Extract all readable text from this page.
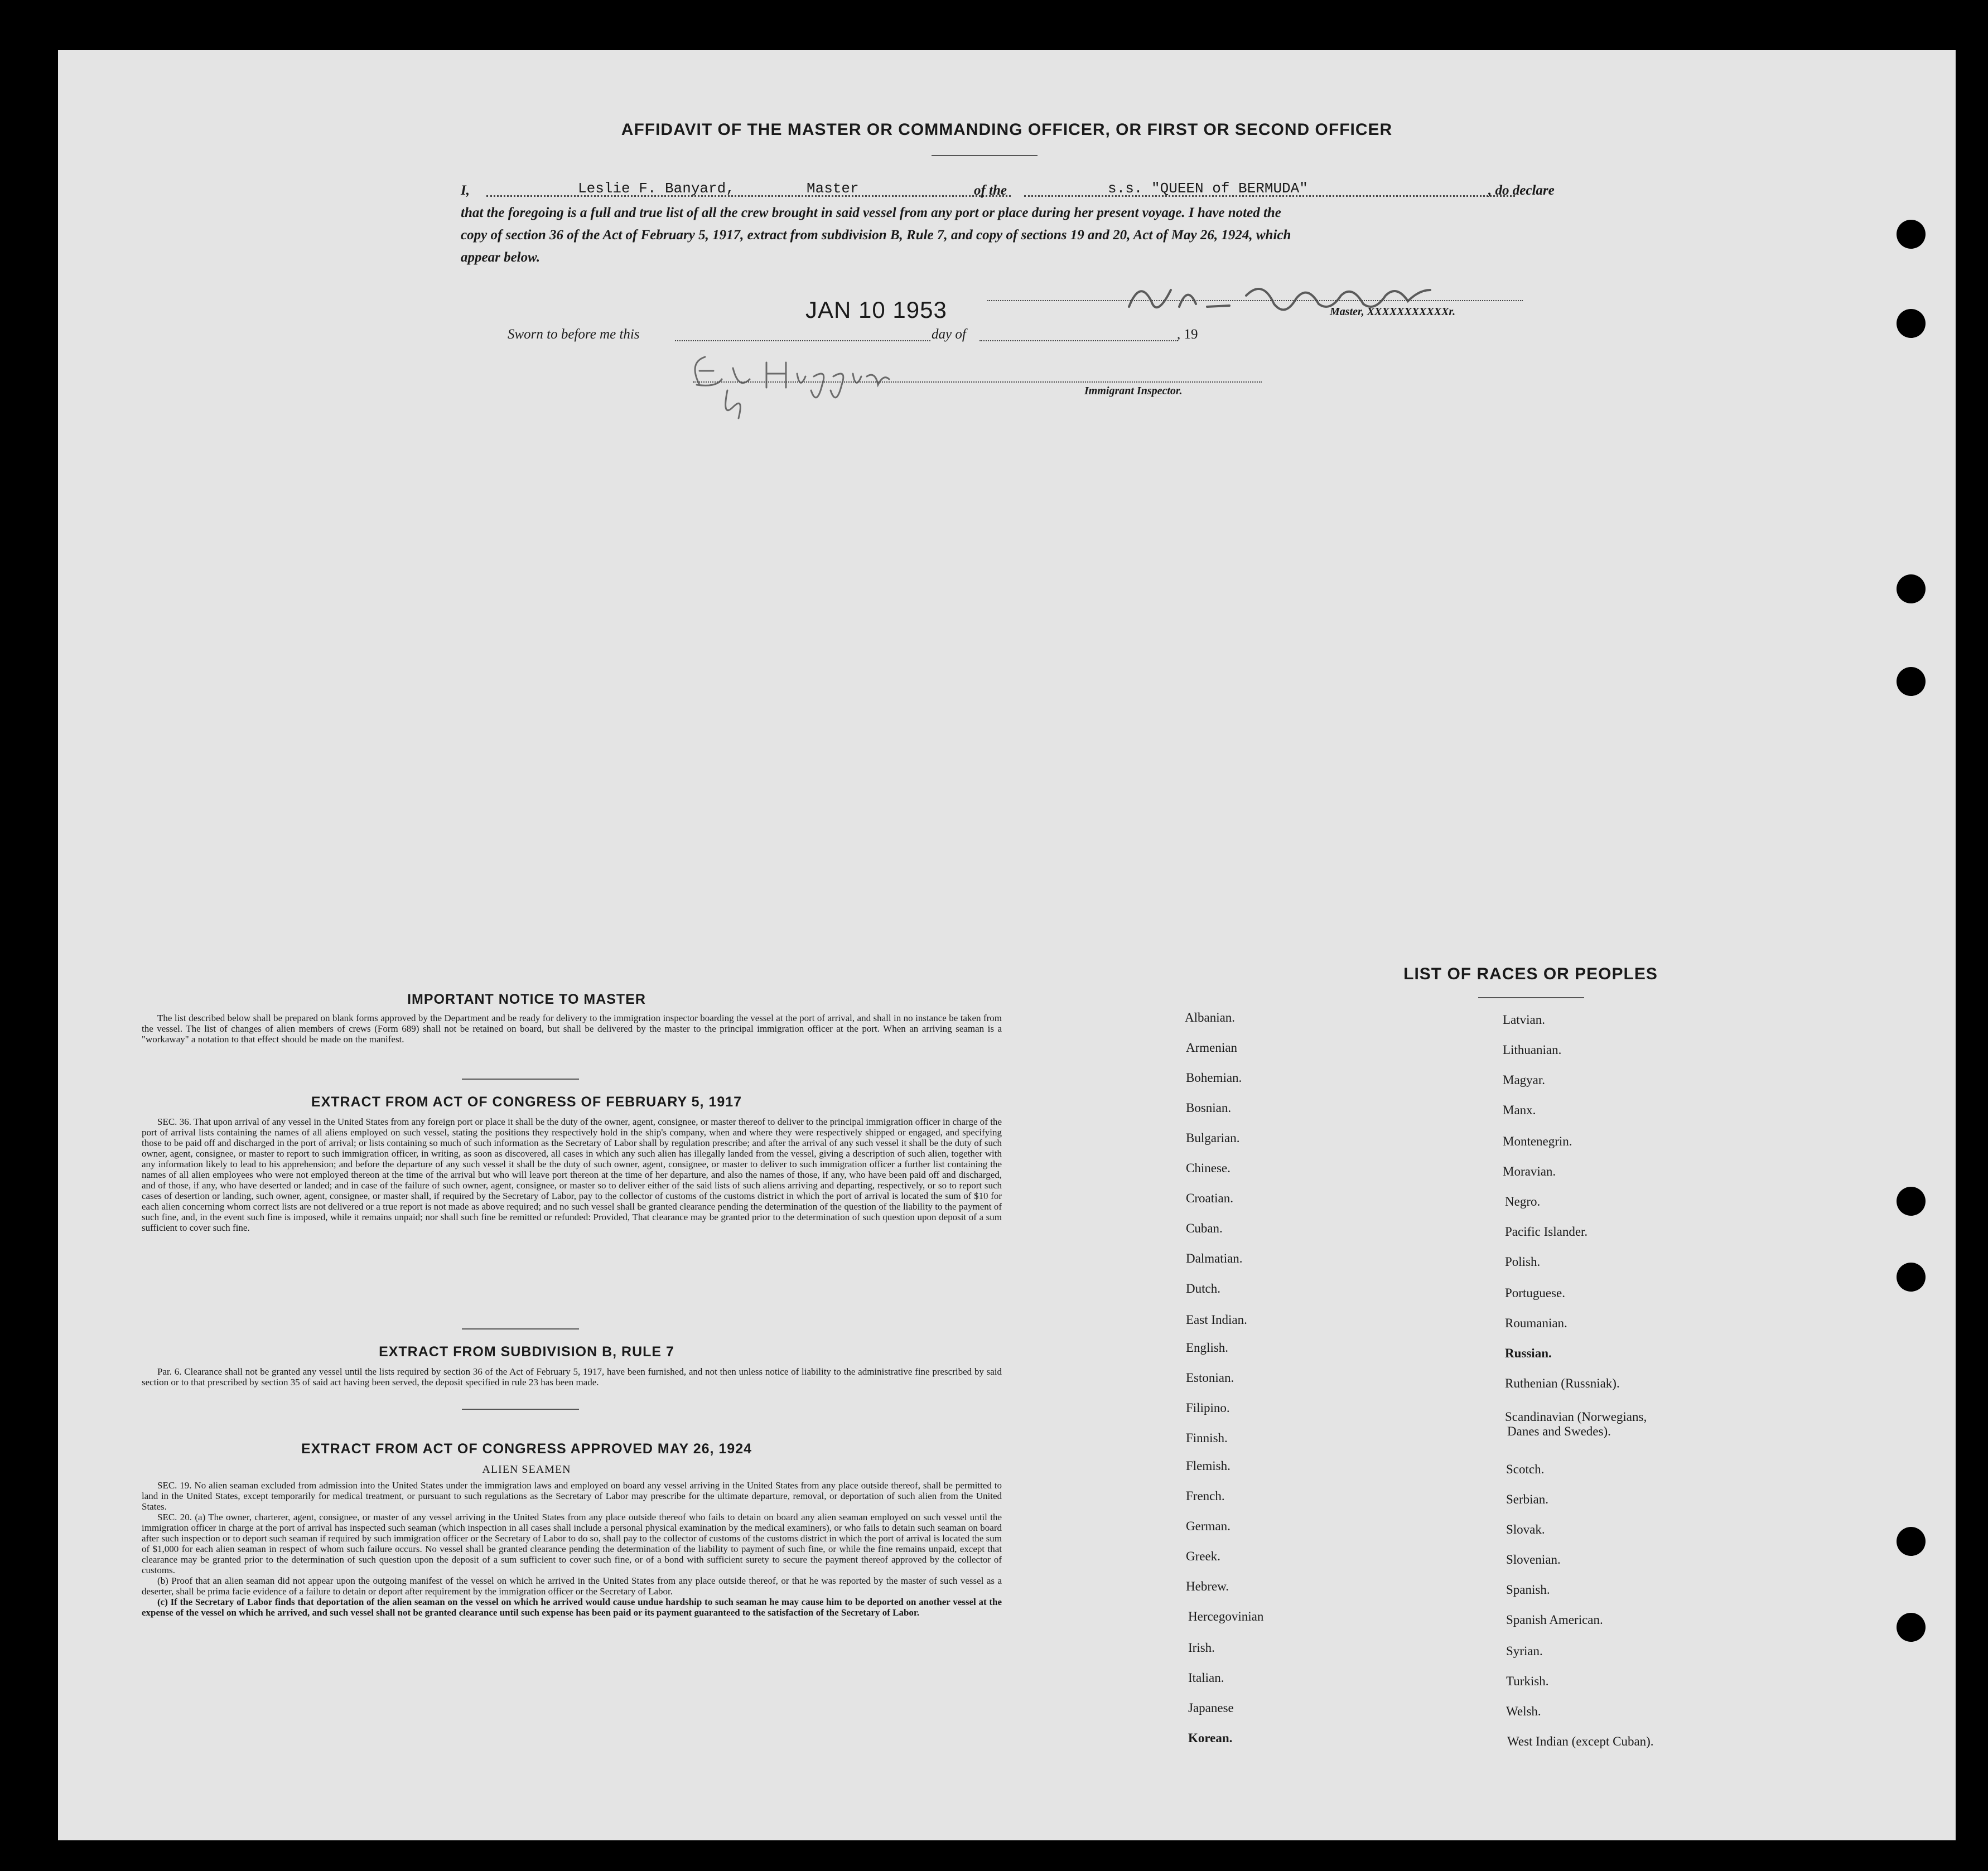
AFFIDAVIT OF THE MASTER OR COMMANDING OFFICER, OR FIRST OR SECOND OFFICER
I,	Leslie F. Banyard,	Master	of the	s.s. "QUEEN of BERMUDA"	, do declare
that the foregoing is a full and true list of all the crew brought in said vessel from any port or place during her present voyage. I have noted the
copy of section 36 of the Act of February 5, 1917, extract from subdivision B, Rule 7, and copy of sections 19 and 20, Act of May 26, 1924, which
appear below.
L. F. Banyard
Master, XXXXXXXXXXXr.
JAN 10 1953
Sworn to before me this	day of	, 19
E. V. Higgins
Immigrant Inspector.
IMPORTANT NOTICE TO MASTER

The list described below shall be prepared on blank forms approved by the Department and be ready for delivery to the immigration inspector boarding the vessel at the port of arrival, and shall in no instance be taken from the vessel. The list of changes of alien members of crews (Form 689) shall not be retained on board, but shall be delivered by the master to the principal immigration officer at the port. When an arriving seaman is a "workaway" a notation to that effect should be made on the manifest.

EXTRACT FROM ACT OF CONGRESS OF FEBRUARY 5, 1917

SEC. 36. That upon arrival of any vessel in the United States from any foreign port or place it shall be the duty of the owner, agent, consignee, or master thereof to deliver to the principal immigration officer in charge of the port of arrival lists containing the names of all aliens employed on such vessel, stating the positions they respectively hold in the ship's company, when and where they were respectively shipped or engaged, and specifying those to be paid off and discharged in the port of arrival; or lists containing so much of such information as the Secretary of Labor shall by regulation prescribe; and after the arrival of any such vessel it shall be the duty of such owner, agent, consignee, or master to report to such immigration officer, in writing, as soon as discovered, all cases in which any such alien has illegally landed from the vessel, giving a description of such alien, together with any information likely to lead to his apprehension; and before the departure of any such vessel it shall be the duty of such owner, agent, consignee, or master to deliver to such immigration officer a further list containing the names of all alien employees who were not employed thereon at the time of the arrival but who will leave port thereon at the time of her departure, and also the names of those, if any, who have been paid off and discharged, and of those, if any, who have deserted or landed; and in case of the failure of such owner, agent, consignee, or master so to deliver either of the said lists of such aliens arriving and departing, respectively, or so to report such cases of desertion or landing, such owner, agent, consignee, or master shall, if required by the Secretary of Labor, pay to the collector of customs of the customs district in which the port of arrival is located the sum of $10 for each alien concerning whom correct lists are not delivered or a true report is not made as above required; and no such vessel shall be granted clearance pending the determination of the question of the liability to the payment of such fine, and, in the event such fine is imposed, while it remains unpaid; nor shall such fine be remitted or refunded: Provided, That clearance may be granted prior to the determination of such question upon deposit of a sum sufficient to cover such fine.

EXTRACT FROM SUBDIVISION B, RULE 7

Par. 6. Clearance shall not be granted any vessel until the lists required by section 36 of the Act of February 5, 1917, have been furnished, and not then unless notice of liability to the administrative fine prescribed by said section or to that prescribed by section 35 of said act having been served, the deposit specified in rule 23 has been made.

EXTRACT FROM ACT OF CONGRESS APPROVED MAY 26, 1924
ALIEN SEAMEN

SEC. 19. No alien seaman excluded from admission into the United States under the immigration laws and employed on board any vessel arriving in the United States from any place outside thereof, shall be permitted to land in the United States, except temporarily for medical treatment, or pursuant to such regulations as the Secretary of Labor may prescribe for the ultimate departure, removal, or deportation of such alien from the United States.

SEC. 20. (a) The owner, charterer, agent, consignee, or master of any vessel arriving in the United States from any place outside thereof who fails to detain on board any alien seaman employed on such vessel until the immigration officer in charge at the port of arrival has inspected such seaman (which inspection in all cases shall include a personal physical examination by the medical examiners), or who fails to detain such seaman on board after such inspection or to deport such seaman if required by such immigration officer or the Secretary of Labor to do so, shall pay to the collector of customs of the customs district in which the port of arrival is located the sum of $1,000 for each alien seaman in respect of whom such failure occurs. No vessel shall be granted clearance pending the determination of the liability to payment of such fine, or while the fine remains unpaid, except that clearance may be granted prior to the determination of such question upon the deposit of a sum sufficient to cover such fine, or of a bond with sufficient surety to secure the payment thereof approved by the collector of customs.

(b) Proof that an alien seaman did not appear upon the outgoing manifest of the vessel on which he arrived in the United States from any place outside thereof, or that he was reported by the master of such vessel as a deserter, shall be prima facie evidence of a failure to detain or deport after requirement by the immigration officer or the Secretary of Labor.

(c) If the Secretary of Labor finds that deportation of the alien seaman on the vessel on which he arrived would cause undue hardship to such seaman he may cause him to be deported on another vessel at the expense of the vessel on which he arrived, and such vessel shall not be granted clearance until such expense has been paid or its payment guaranteed to the satisfaction of the Secretary of Labor.

LIST OF RACES OR PEOPLES
Albanian.
Armenian
Bohemian.
Bosnian.
Bulgarian.
Chinese.
Croatian.
Cuban.
Dalmatian.
Dutch.
East Indian.
English.
Estonian.
Filipino.
Finnish.
Flemish.
French.
German.
Greek.
Hebrew.
Hercegovinian
Irish.
Italian.
Japanese
Korean.
Latvian.
Lithuanian.
Magyar.
Manx.
Montenegrin.
Moravian.
Negro.
Pacific Islander.
Polish.
Portuguese.
Roumanian.
Russian.
Ruthenian (Russniak).
Scandinavian (Norwegians,
Danes and Swedes).
Scotch.
Serbian.
Slovak.
Slovenian.
Spanish.
Spanish American.
Syrian.
Turkish.
Welsh.
West Indian (except Cuban).
